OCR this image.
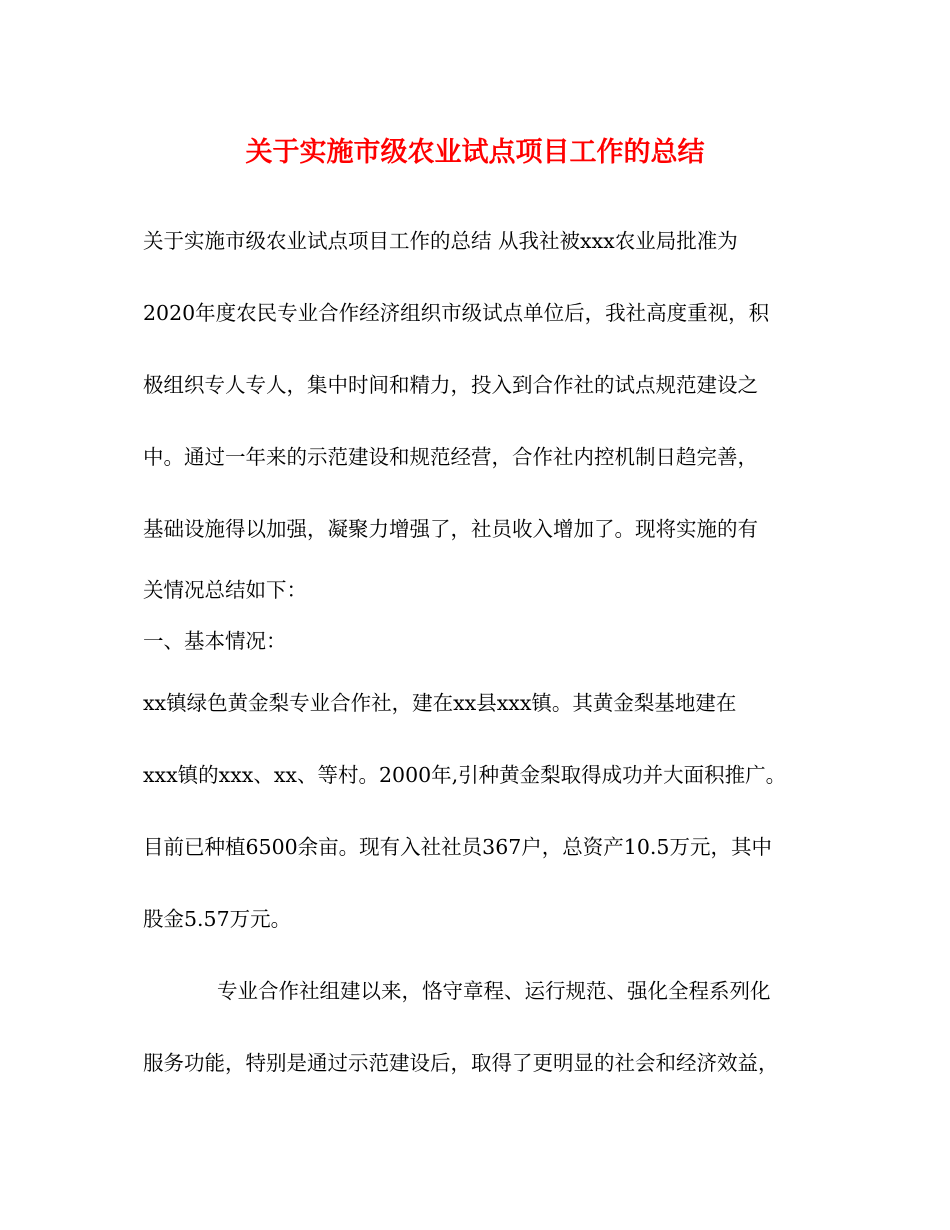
关于实施市级农业试点项目工作的总结
关于实施市级农业试点项目工作的总结 从我社被xxx农业局批准为
2020年度农民专业合作经济组织市级试点单位后，我社高度重视，积
极组织专人专人，集中时间和精力，投入到合作社的试点规范建设之
中。通过一年来的示范建设和规范经营，合作社内控机制日趋完善，
基础设施得以加强，凝聚力增强了，社员收入增加了。现将实施的有
关情况总结如下：
一、基本情况：
xx镇绿色黄金梨专业合作社，建在xx县xxx镇。其黄金梨基地建在
xxx镇的xxx、xx、等村。2000年,引种黄金梨取得成功并大面积推广。
目前已种植6500余亩。现有入社社员367户，总资产10.5万元，其中
股金5.57万元。
专业合作社组建以来，恪守章程、运行规范、强化全程系列化
服务功能，特别是通过示范建设后，取得了更明显的社会和经济效益，
